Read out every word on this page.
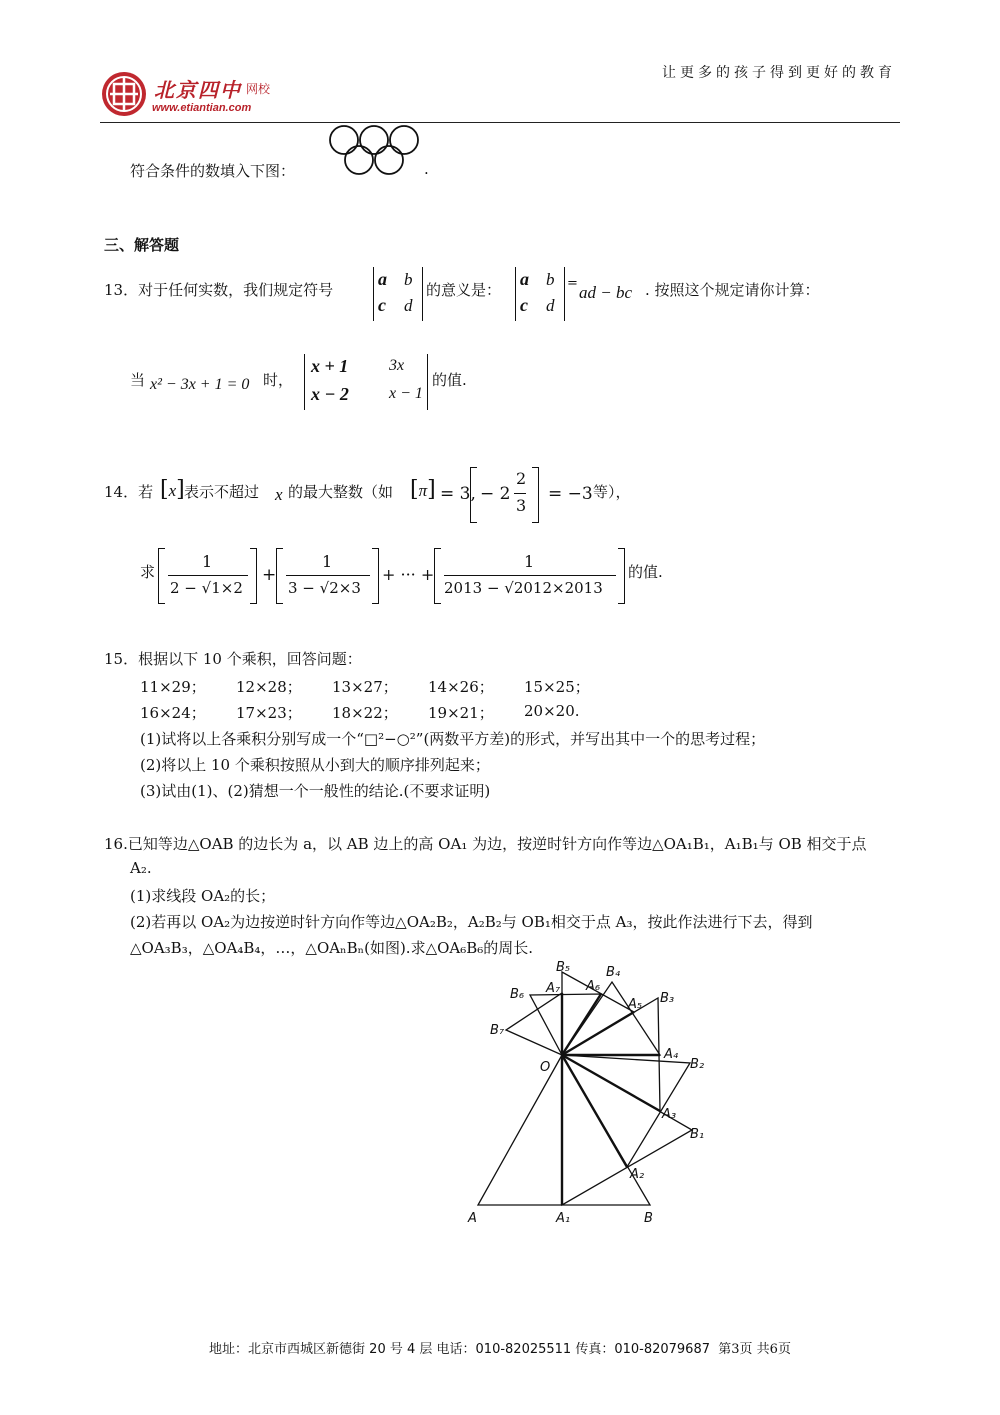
北京四中 网校
www.etiantian.com
让更多的孩子得到更好的教育
符合条件的数填入下图：	.
三、解答题
13．对于任何实数，我们规定符号
a b
c d
的意义是：
a b
c d
= ad − bc . 按照这个规定请你计算：
当 x² − 3x + 1 = 0 时，
x + 1	3x
x − 2	x − 1
的值.
14．若 [x] 表示不超过 x 的最大整数（如 [π] = 3, − 2
2
3
= −3 等），
求
1
2 − √1×2
+
1
3 − √2×3
+ ··· +
1
2013 − √2012×2013
的值.
15．根据以下 10 个乘积，回答问题：
11×29； 12×28； 13×27； 14×26； 15×25；
16×24； 17×23； 18×22； 19×21； 20×20.
(1)试将以上各乘积分别写成一个“□²−○²”(两数平方差)的形式，并写出其中一个的思考过程；
(2)将以上 10 个乘积按照从小到大的顺序排列起来；
(3)试由(1)、(2)猜想一个一般性的结论.(不要求证明)
16.已知等边△OAB 的边长为 a，以 AB 边上的高 OA₁ 为边，按逆时针方向作等边△OA₁B₁，A₁B₁与 OB 相交于点
A₂.
(1)求线段 OA₂的长；
(2)若再以 OA₂为边按逆时针方向作等边△OA₂B₂，A₂B₂与 OB₁相交于点 A₃，按此作法进行下去，得到
△OA₃B₃，△OA₄B₄，…，△OAₙBₙ(如图).求△OA₆B₆的周长.
O
A	B
A₁
A₂
A₃
A₄
A₅
A₆
A₇
B₁
B₂
B₃
B₄
B₅
B₆
B₇
地址：北京市西城区新德街 20 号 4 层 电话：010-82025511 传真：010-82079687 第3页 共6页
